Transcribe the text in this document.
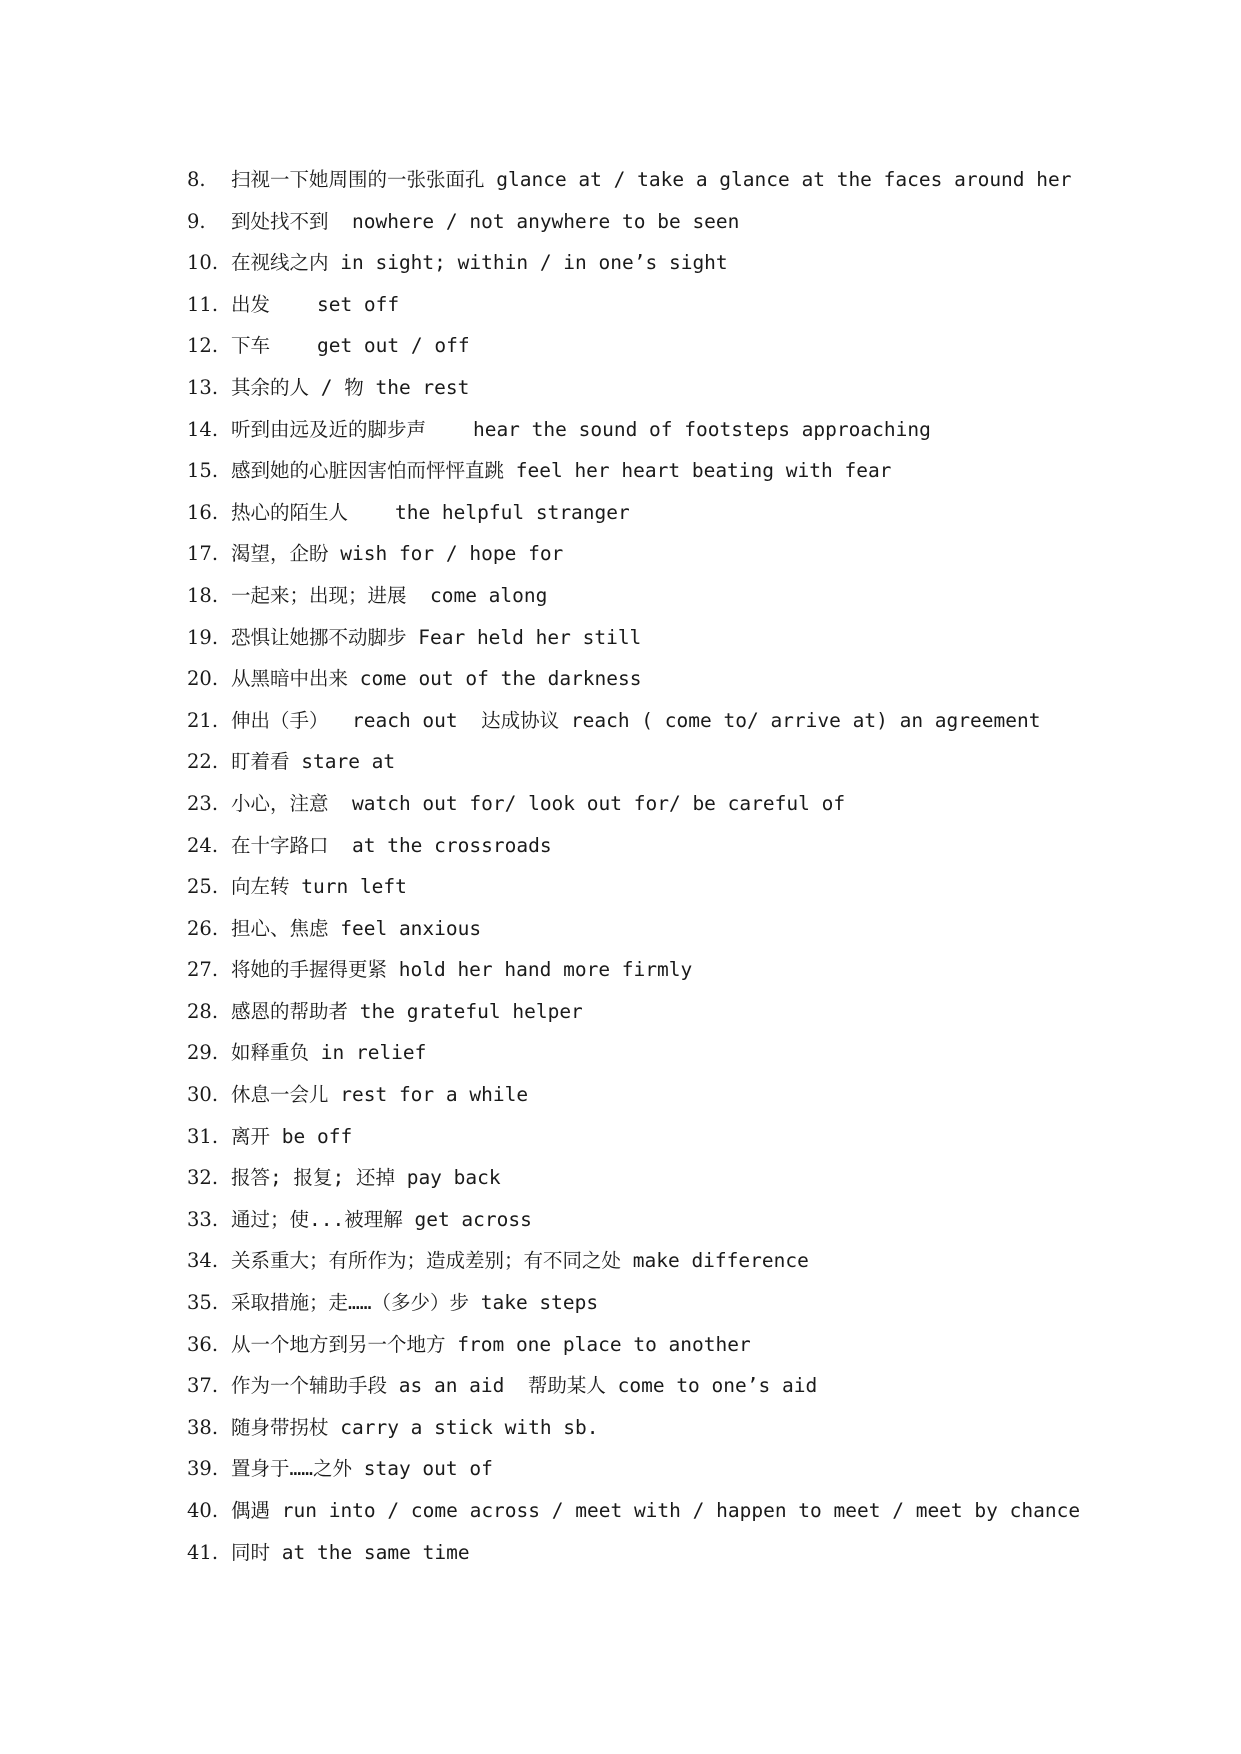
8. 扫视一下她周围的一张张面孔 glance at / take a glance at the faces around her
9. 到处找不到  nowhere / not anywhere to be seen
10. 在视线之内 in sight; within / in one’s sight
11. 出发    set off
12. 下车    get out / off
13. 其余的人 / 物 the rest
14. 听到由远及近的脚步声    hear the sound of footsteps approaching
15. 感到她的心脏因害怕而怦怦直跳 feel her heart beating with fear
16. 热心的陌生人    the helpful stranger
17. 渴望，企盼 wish for / hope for
18. 一起来；出现；进展  come along
19. 恐惧让她挪不动脚步 Fear held her still
20. 从黑暗中出来 come out of the darkness
21. 伸出（手）  reach out  达成协议 reach ( come to/ arrive at) an agreement
22. 盯着看 stare at
23. 小心，注意  watch out for/ look out for/ be careful of
24. 在十字路口  at the crossroads
25. 向左转 turn left
26. 担心、焦虑 feel anxious
27. 将她的手握得更紧 hold her hand more firmly
28. 感恩的帮助者 the grateful helper
29. 如释重负 in relief
30. 休息一会儿 rest for a while
31. 离开 be off
32. 报答; 报复; 还掉 pay back
33. 通过；使...被理解 get across
34. 关系重大；有所作为；造成差别；有不同之处 make difference
35. 采取措施；走……（多少）步 take steps
36. 从一个地方到另一个地方 from one place to another
37. 作为一个辅助手段 as an aid  帮助某人 come to one’s aid
38. 随身带拐杖 carry a stick with sb.
39. 置身于……之外 stay out of
40. 偶遇 run into / come across / meet with / happen to meet / meet by chance
41. 同时 at the same time
